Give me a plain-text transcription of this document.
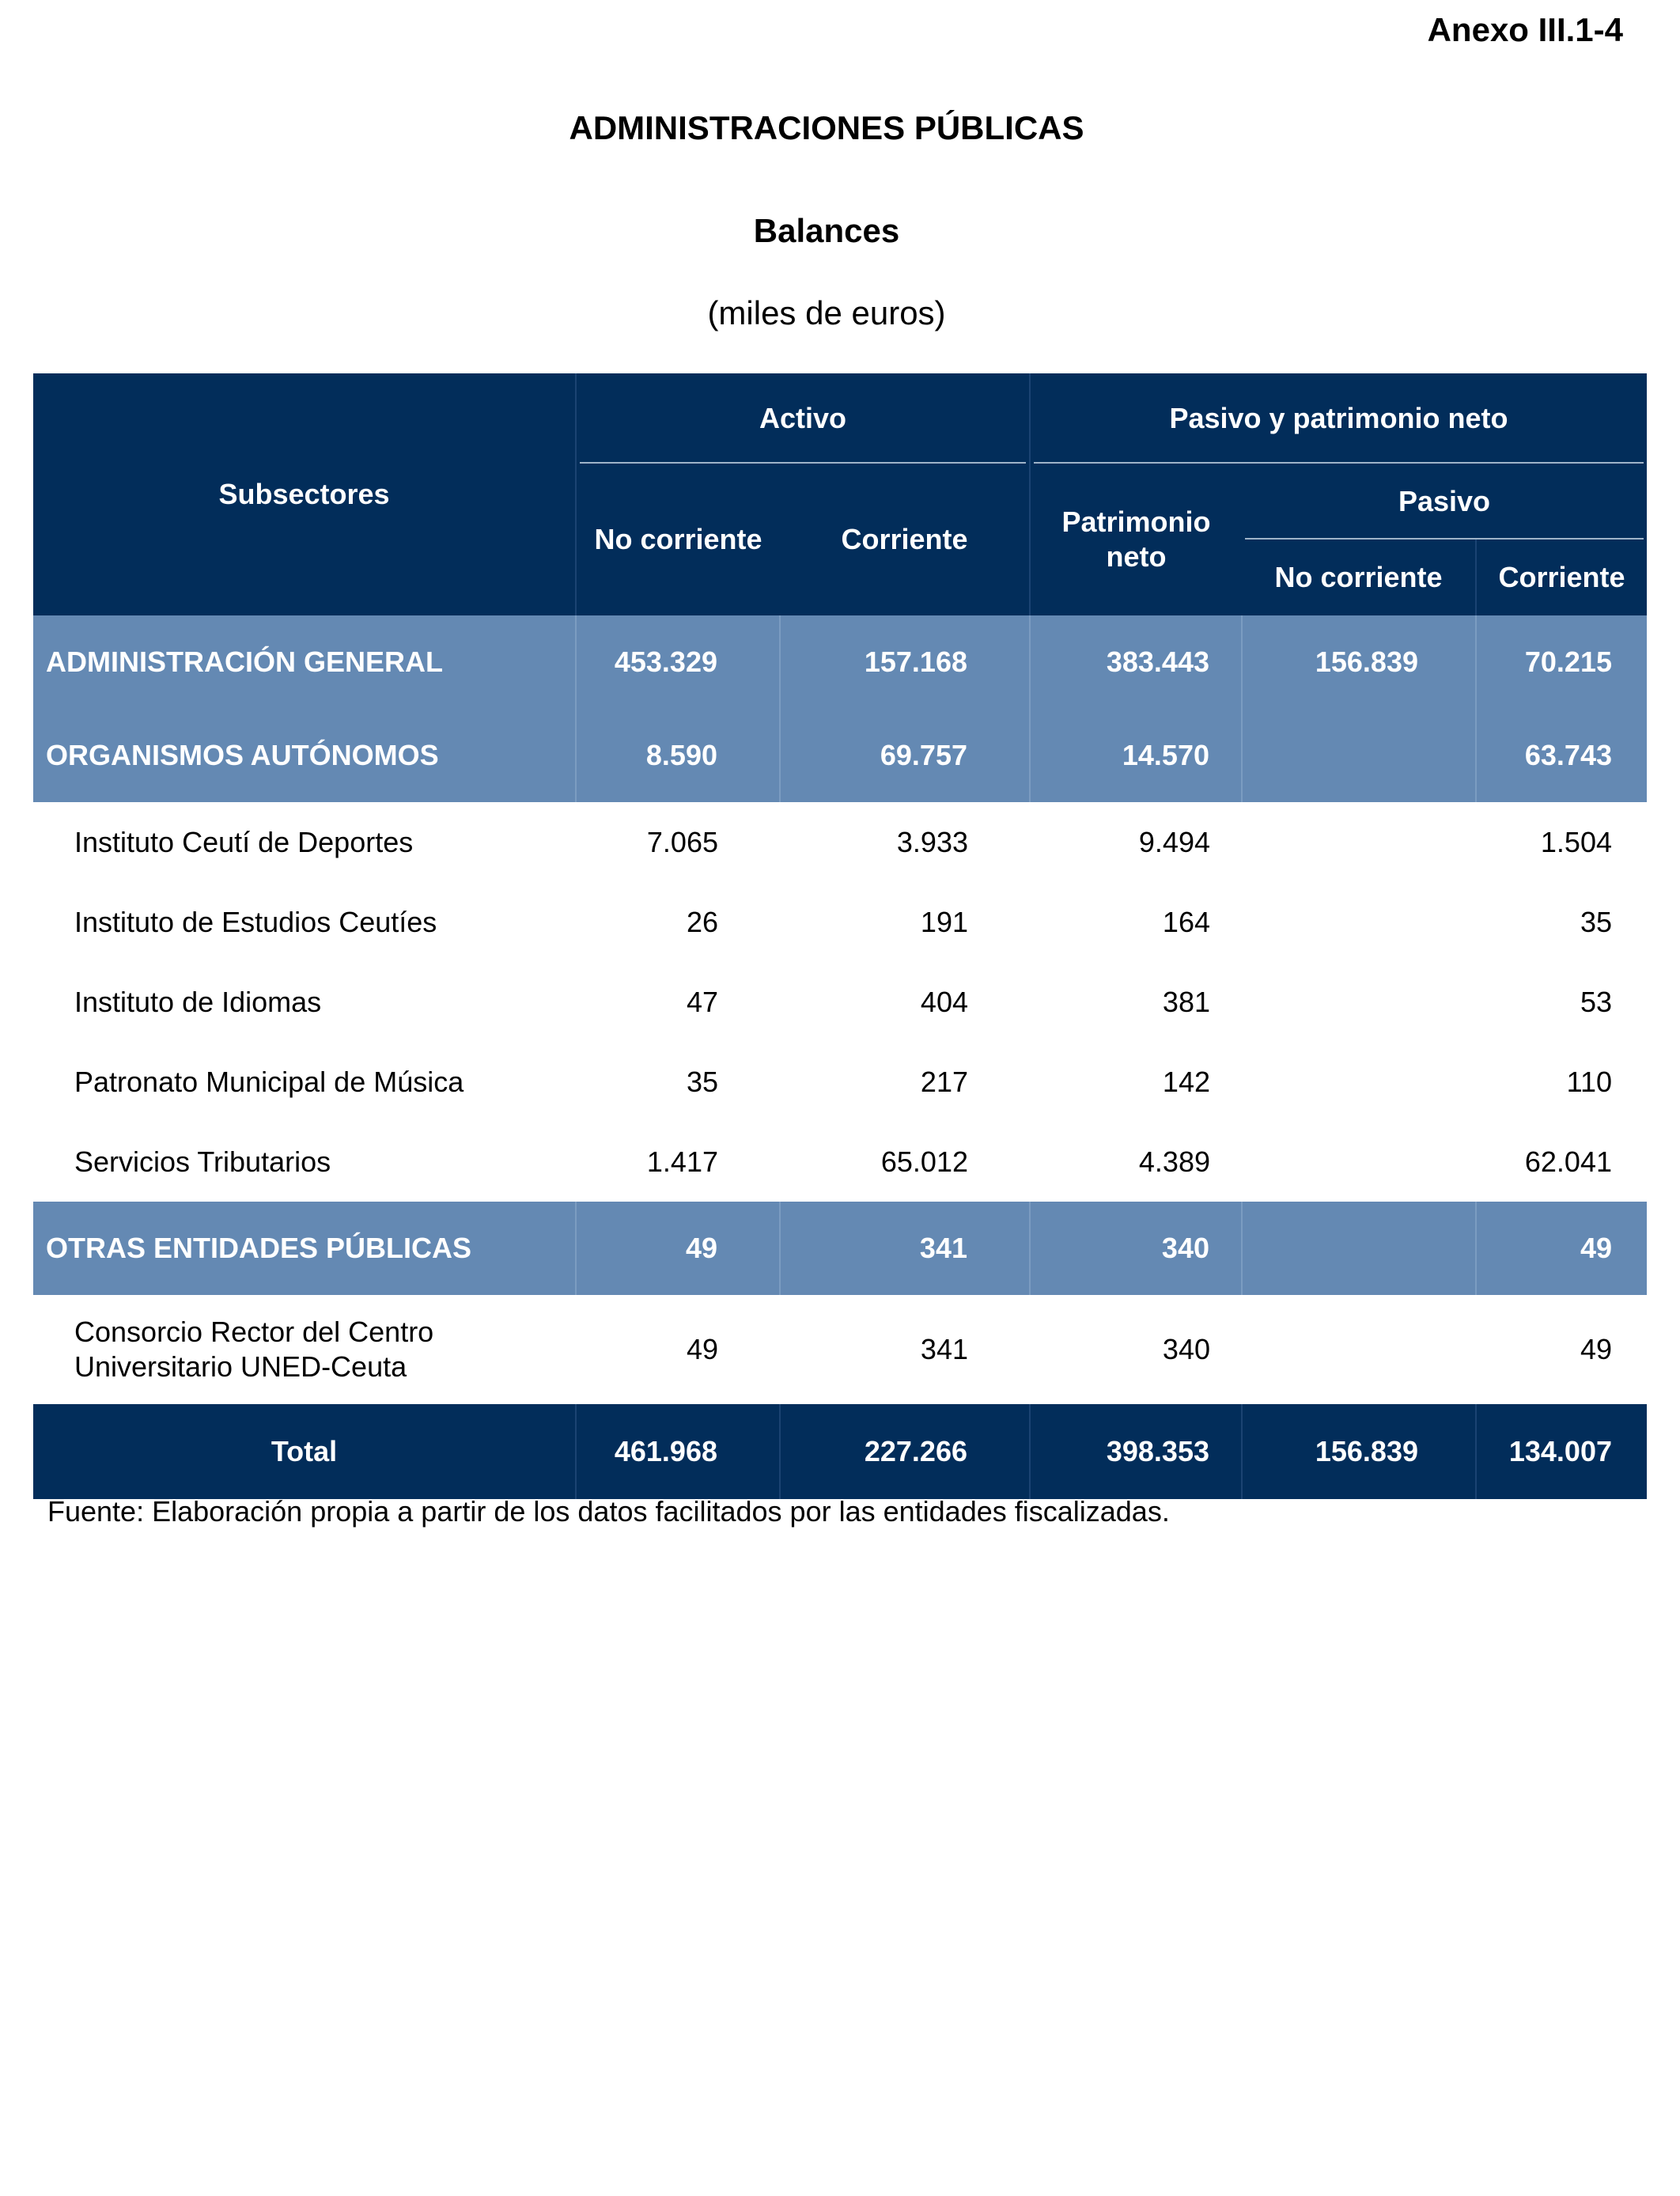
Anexo III.1-4
ADMINISTRACIONES PÚBLICAS
Balances
(miles de euros)
Subsectores	Activo		Pasivo y patrimonio neto		
	No corriente	Corriente	Patrimonio neto	Pasivo	
				No corriente	Corriente
ADMINISTRACIÓN GENERAL	453.329	157.168	383.443	156.839	70.215
ORGANISMOS AUTÓNOMOS	8.590	69.757	14.570		63.743
Instituto Ceutí de Deportes	7.065	3.933	9.494		1.504
Instituto de Estudios Ceutíes	26	191	164		35
Instituto de Idiomas	47	404	381		53
Patronato Municipal de Música	35	217	142		110
Servicios Tributarios	1.417	65.012	4.389		62.041
OTRAS ENTIDADES PÚBLICAS	49	341	340		49
Consorcio Rector del Centro
Universitario UNED-Ceuta	49	341	340		49
Total	461.968	227.266	398.353	156.839	134.007
Fuente: Elaboración propia a partir de los datos facilitados por las entidades fiscalizadas.
